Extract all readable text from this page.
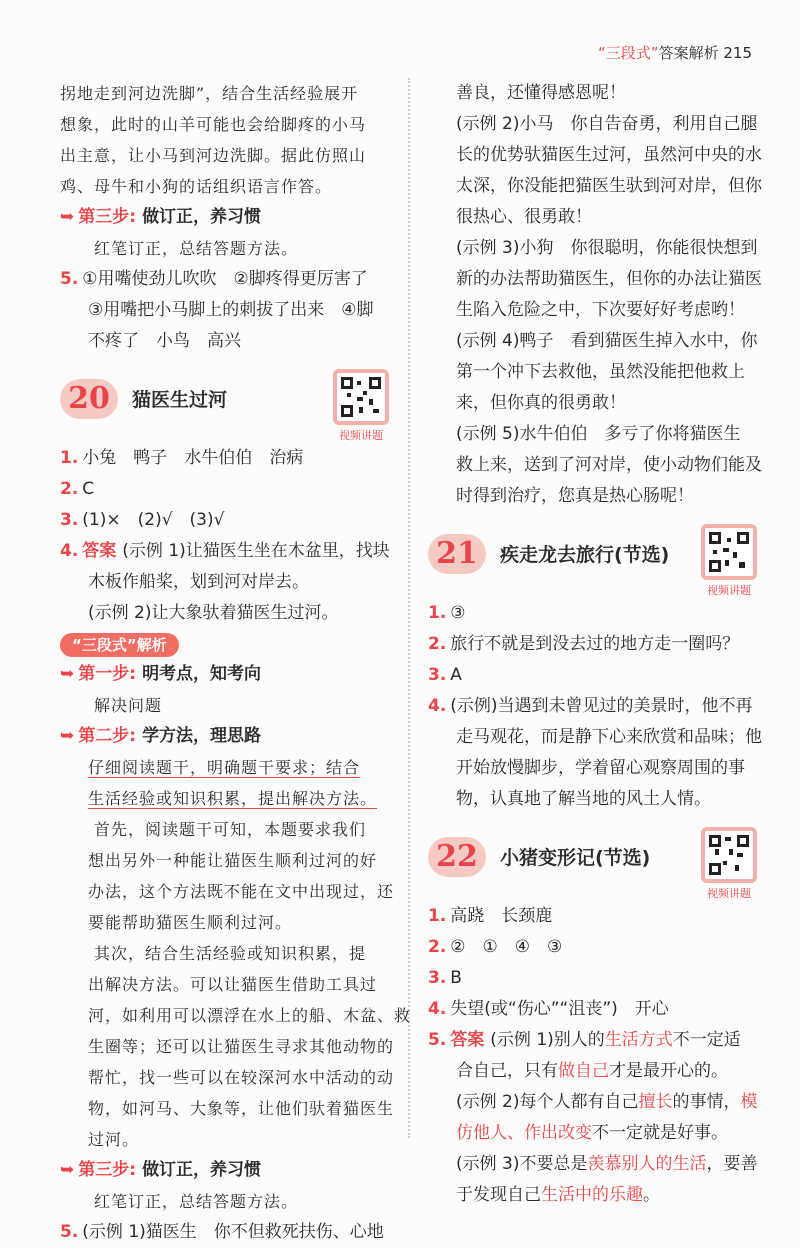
“三段式”答案解析 215
拐地走到河边洗脚”，结合生活经验展开
想象，此时的山羊可能也会给脚疼的小马
出主意，让小马到河边洗脚。据此仿照山
鸡、母牛和小狗的话组织语言作答。
➥ 第三步: 做订正，养习惯
红笔订正，总结答题方法。
5. ①用嘴使劲儿吹吹　②脚疼得更厉害了
③用嘴把小马脚上的刺拔了出来　④脚
不疼了　小鸟　高兴
20	猫医生过河
视频讲题
1. 小兔　鸭子　水牛伯伯　治病
2. C
3. (1)×　(2)√　(3)√
4. 答案 (示例 1)让猫医生坐在木盆里，找块
木板作船桨，划到河对岸去。
(示例 2)让大象驮着猫医生过河。
“三段式”解析
➥ 第一步: 明考点，知考向
解决问题
➥ 第二步: 学方法，理思路
仔细阅读题干，明确题干要求；结合
生活经验或知识积累，提出解决方法。
首先，阅读题干可知，本题要求我们
想出另外一种能让猫医生顺利过河的好
办法，这个方法既不能在文中出现过，还
要能帮助猫医生顺利过河。
其次，结合生活经验或知识积累，提
出解决方法。可以让猫医生借助工具过
河，如利用可以漂浮在水上的船、木盆、救
生圈等；还可以让猫医生寻求其他动物的
帮忙，找一些可以在较深河水中活动的动
物，如河马、大象等，让他们驮着猫医生
过河。
➥ 第三步: 做订正，养习惯
红笔订正，总结答题方法。
5. (示例 1)猫医生　你不但救死扶伤、心地
善良，还懂得感恩呢！
(示例 2)小马　你自告奋勇，利用自己腿
长的优势驮猫医生过河，虽然河中央的水
太深，你没能把猫医生驮到河对岸，但你
很热心、很勇敢！
(示例 3)小狗　你很聪明，你能很快想到
新的办法帮助猫医生，但你的办法让猫医
生陷入危险之中，下次要好好考虑哟！
(示例 4)鸭子　看到猫医生掉入水中，你
第一个冲下去救他，虽然没能把他救上
来，但你真的很勇敢！
(示例 5)水牛伯伯　多亏了你将猫医生
救上来，送到了河对岸，使小动物们能及
时得到治疗，您真是热心肠呢！
21	疾走龙去旅行(节选)
视频讲题
1. ③
2. 旅行不就是到没去过的地方走一圈吗？
3. A
4. (示例)当遇到未曾见过的美景时，他不再
走马观花，而是静下心来欣赏和品味；他
开始放慢脚步，学着留心观察周围的事
物，认真地了解当地的风土人情。
22	小猪变形记(节选)
视频讲题
1. 高跷　长颈鹿
2. ②　①　④　③
3. B
4. 失望(或“伤心”“沮丧”)　开心
5. 答案 (示例 1)别人的生活方式不一定适
合自己，只有做自己才是最开心的。
(示例 2)每个人都有自己擅长的事情，模
仿他人、作出改变不一定就是好事。
(示例 3)不要总是羡慕别人的生活，要善
于发现自己生活中的乐趣。
